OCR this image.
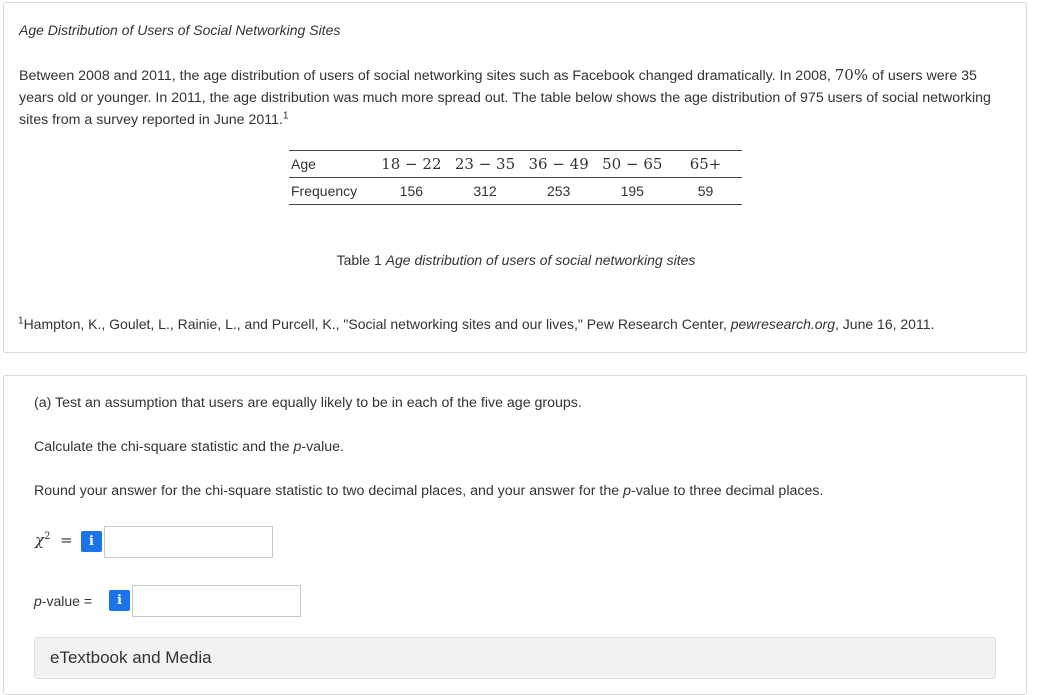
Age Distribution of Users of Social Networking Sites
Between 2008 and 2011, the age distribution of users of social networking sites such as Facebook changed dramatically. In 2008, 70% of users were 35 years old or younger. In 2011, the age distribution was much more spread out. The table below shows the age distribution of 975 users of social networking sites from a survey reported in June 2011.$^1$
Age	18 − 22	23 − 35	36 − 49	50 − 65	65+
Frequency	156	312	253	195	59
Table 1 Age distribution of users of social networking sites
$^1$Hampton, K., Goulet, L., Rainie, L., and Purcell, K., "Social networking sites and our lives," Pew Research Center, pewresearch.org, June 16, 2011.
(a) Test an assumption that users are equally likely to be in each of the five age groups.
Calculate the chi-square statistic and the p-value.
Round your answer for the chi-square statistic to two decimal places, and your answer for the p-value to three decimal places.
$\chi^2$ =	i
p-value =	i
eTextbook and Media
